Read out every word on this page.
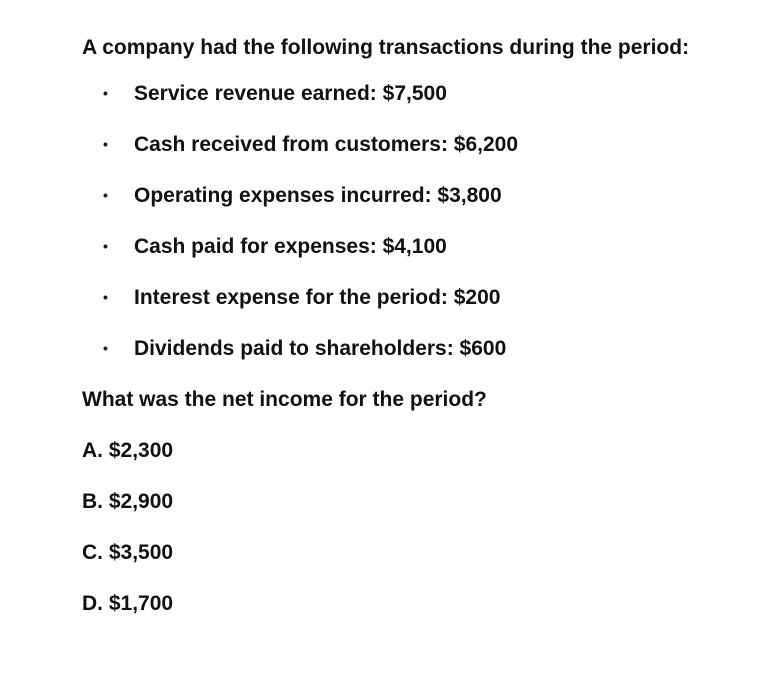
A company had the following transactions during the period:

• Service revenue earned: $7,500
• Cash received from customers: $6,200
• Operating expenses incurred: $3,800
• Cash paid for expenses: $4,100
• Interest expense for the period: $200
• Dividends paid to shareholders: $600

What was the net income for the period?

A. $2,300
B. $2,900
C. $3,500
D. $1,700
